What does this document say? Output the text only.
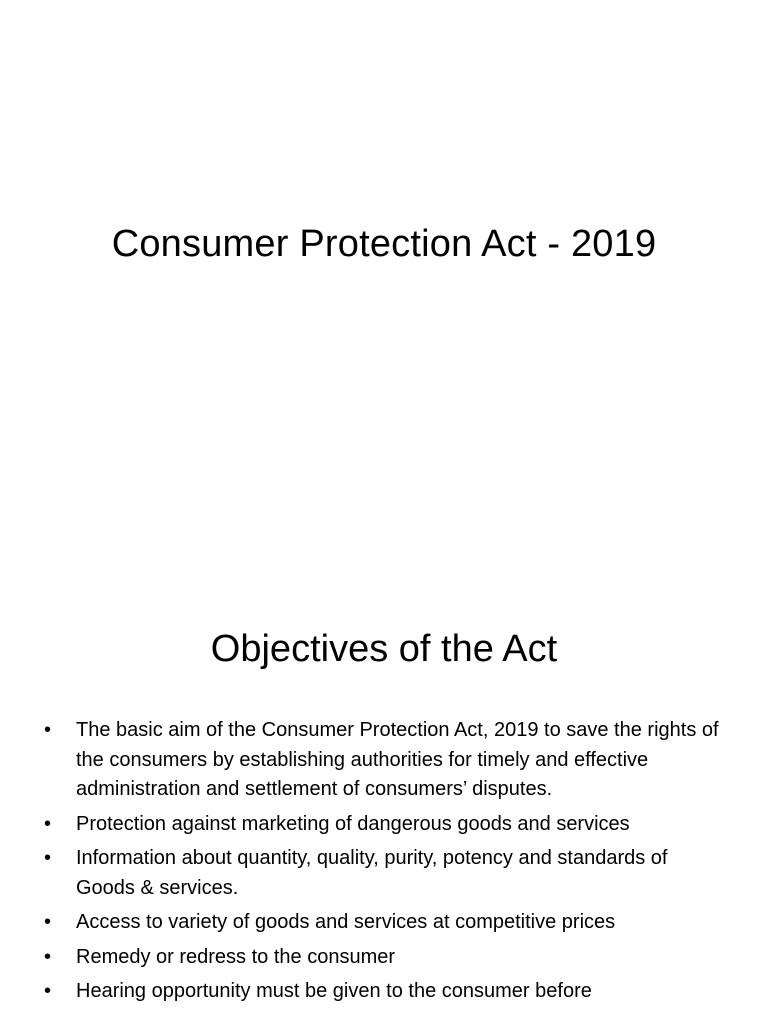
Consumer Protection Act - 2019
Objectives of the Act
• The basic aim of the Consumer Protection Act, 2019 to save the rights of the consumers by establishing authorities for timely and effective administration and settlement of consumers’ disputes.
• Protection against marketing of dangerous goods and services
• Information about quantity, quality, purity, potency and standards of Goods & services.
• Access to variety of goods and services at competitive prices
• Remedy or redress to the consumer
• Hearing opportunity must be given to the consumer before
